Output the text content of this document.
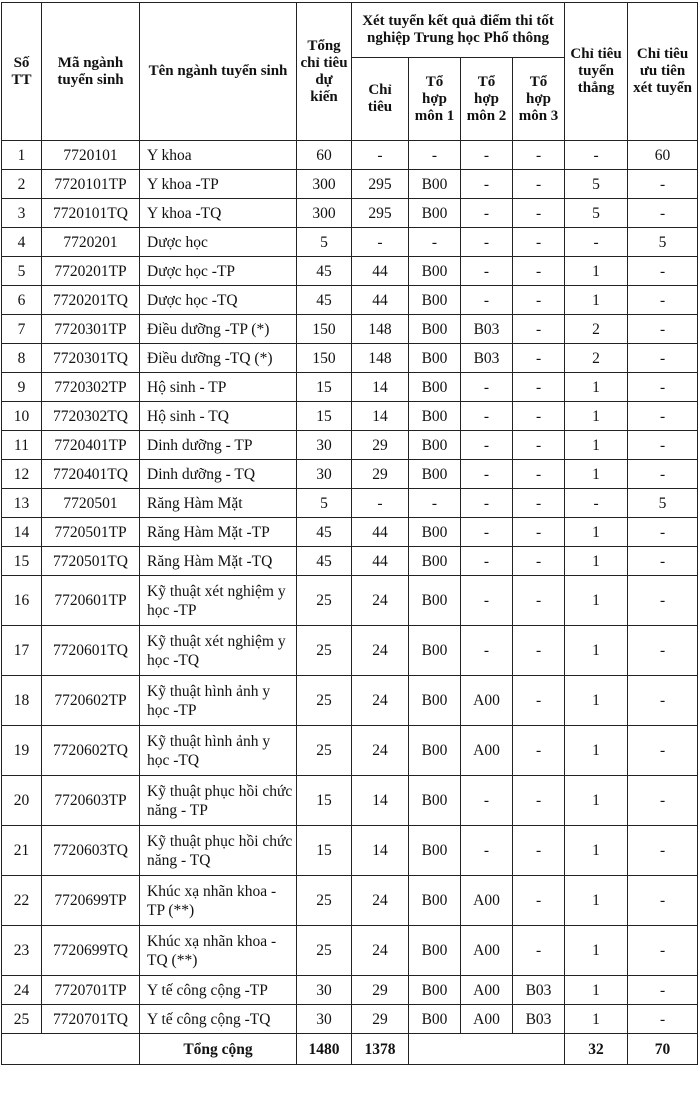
Số TT	Mã ngành tuyển sinh	Tên ngành tuyển sinh	Tổng chỉ tiêu dự kiến	Xét tuyển kết quả điểm thi tốt nghiệp Trung học Phổ thông				Chỉ tiêu tuyển thẳng	Chỉ tiêu ưu tiên xét tuyển
				Chỉ tiêu	Tổ hợp môn 1	Tổ hợp môn 2	Tổ hợp môn 3		
1	7720101	Y khoa	60	-	-	-	-	-	60
2	7720101TP	Y khoa -TP	300	295	B00	-	-	5	-
3	7720101TQ	Y khoa -TQ	300	295	B00	-	-	5	-
4	7720201	Dược học	5	-	-	-	-	-	5
5	7720201TP	Dược học -TP	45	44	B00	-	-	1	-
6	7720201TQ	Dược học -TQ	45	44	B00	-	-	1	-
7	7720301TP	Điều dưỡng -TP (*)	150	148	B00	B03	-	2	-
8	7720301TQ	Điều dưỡng -TQ (*)	150	148	B00	B03	-	2	-
9	7720302TP	Hộ sinh - TP	15	14	B00	-	-	1	-
10	7720302TQ	Hộ sinh - TQ	15	14	B00	-	-	1	-
11	7720401TP	Dinh dưỡng - TP	30	29	B00	-	-	1	-
12	7720401TQ	Dinh dưỡng - TQ	30	29	B00	-	-	1	-
13	7720501	Răng Hàm Mặt	5	-	-	-	-	-	5
14	7720501TP	Răng Hàm Mặt -TP	45	44	B00	-	-	1	-
15	7720501TQ	Răng Hàm Mặt -TQ	45	44	B00	-	-	1	-
16	7720601TP	Kỹ thuật xét nghiệm y học -TP	25	24	B00	-	-	1	-
17	7720601TQ	Kỹ thuật xét nghiệm y học -TQ	25	24	B00	-	-	1	-
18	7720602TP	Kỹ thuật hình ảnh y học -TP	25	24	B00	A00	-	1	-
19	7720602TQ	Kỹ thuật hình ảnh y học -TQ	25	24	B00	A00	-	1	-
20	7720603TP	Kỹ thuật phục hồi chức năng - TP	15	14	B00	-	-	1	-
21	7720603TQ	Kỹ thuật phục hồi chức năng - TQ	15	14	B00	-	-	1	-
22	7720699TP	Khúc xạ nhãn khoa - TP (**)	25	24	B00	A00	-	1	-
23	7720699TQ	Khúc xạ nhãn khoa - TQ (**)	25	24	B00	A00	-	1	-
24	7720701TP	Y tế công cộng -TP	30	29	B00	A00	B03	1	-
25	7720701TQ	Y tế công cộng -TQ	30	29	B00	A00	B03	1	-
		Tổng cộng	1480	1378				32	70
